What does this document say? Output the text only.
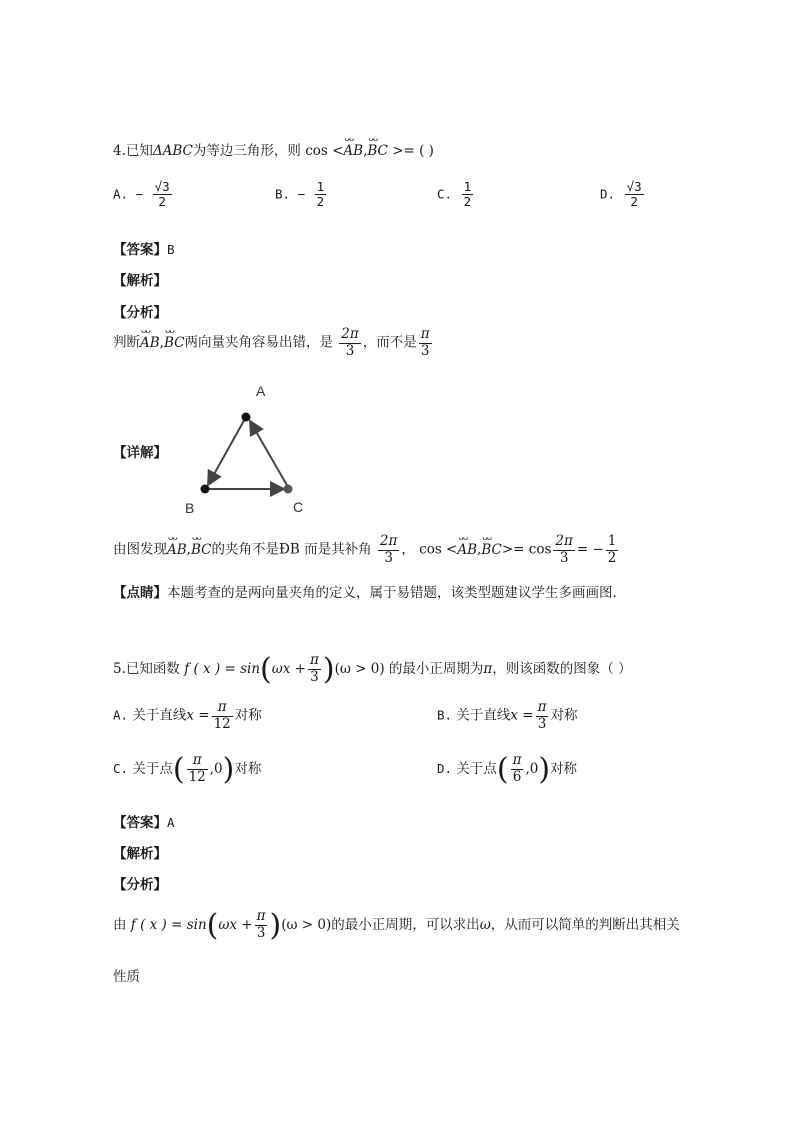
4.已知ΔABC为等边三角形，则 cos <ᴗᴗ AB,ᴗᴗ BC >= ( )
A. − $\frac{√3}{2}$	B. − $\frac{1}{2}$	C. $\frac{1}{2}$	D. $\frac{√3}{2}$
【答案】B
【解析】
【分析】
判断ᴗᴗ AB,ᴗᴗ BC两向量夹角容易出错，是 $\frac{2\pi}{3}$ ，而不是 $\frac{\pi}{3}$
【详解】
A
B	C
由图发现ᴗᴗ AB,ᴗᴗ BC的夹角不是ÐB 而是其补角 $\frac{2\pi}{3}$ ， cos <ᴗᴗ AB,ᴗᴗ $BC>= \cos \frac{2\pi}{3}$ = − $\frac{1}{2}$
【点睛】本题考查的是两向量夹角的定义，属于易错题，该类型题建议学生多画画图.
5.已知函数 f ( x ) = $\sin(\omega x + \frac{\pi}{3} )(\omega > 0)$ 的最小正周期为π，则该函数的图象（ ）
A. 关于直线$x = \frac{\pi}{12}$ 对称	B. 关于直线$x = \frac{\pi}{3}$ 对称
C. 关于点( $\frac{\pi}{12} ,0$)对称	D. 关于点( $\frac{\pi}{6} ,0$)对称
【答案】A
【解析】
【分析】
由 f ( x ) = $\sin(\omega x + \frac{\pi}{3} )(\omega > 0)$的最小正周期，可以求出ω，从而可以简单的判断出其相关
性质
